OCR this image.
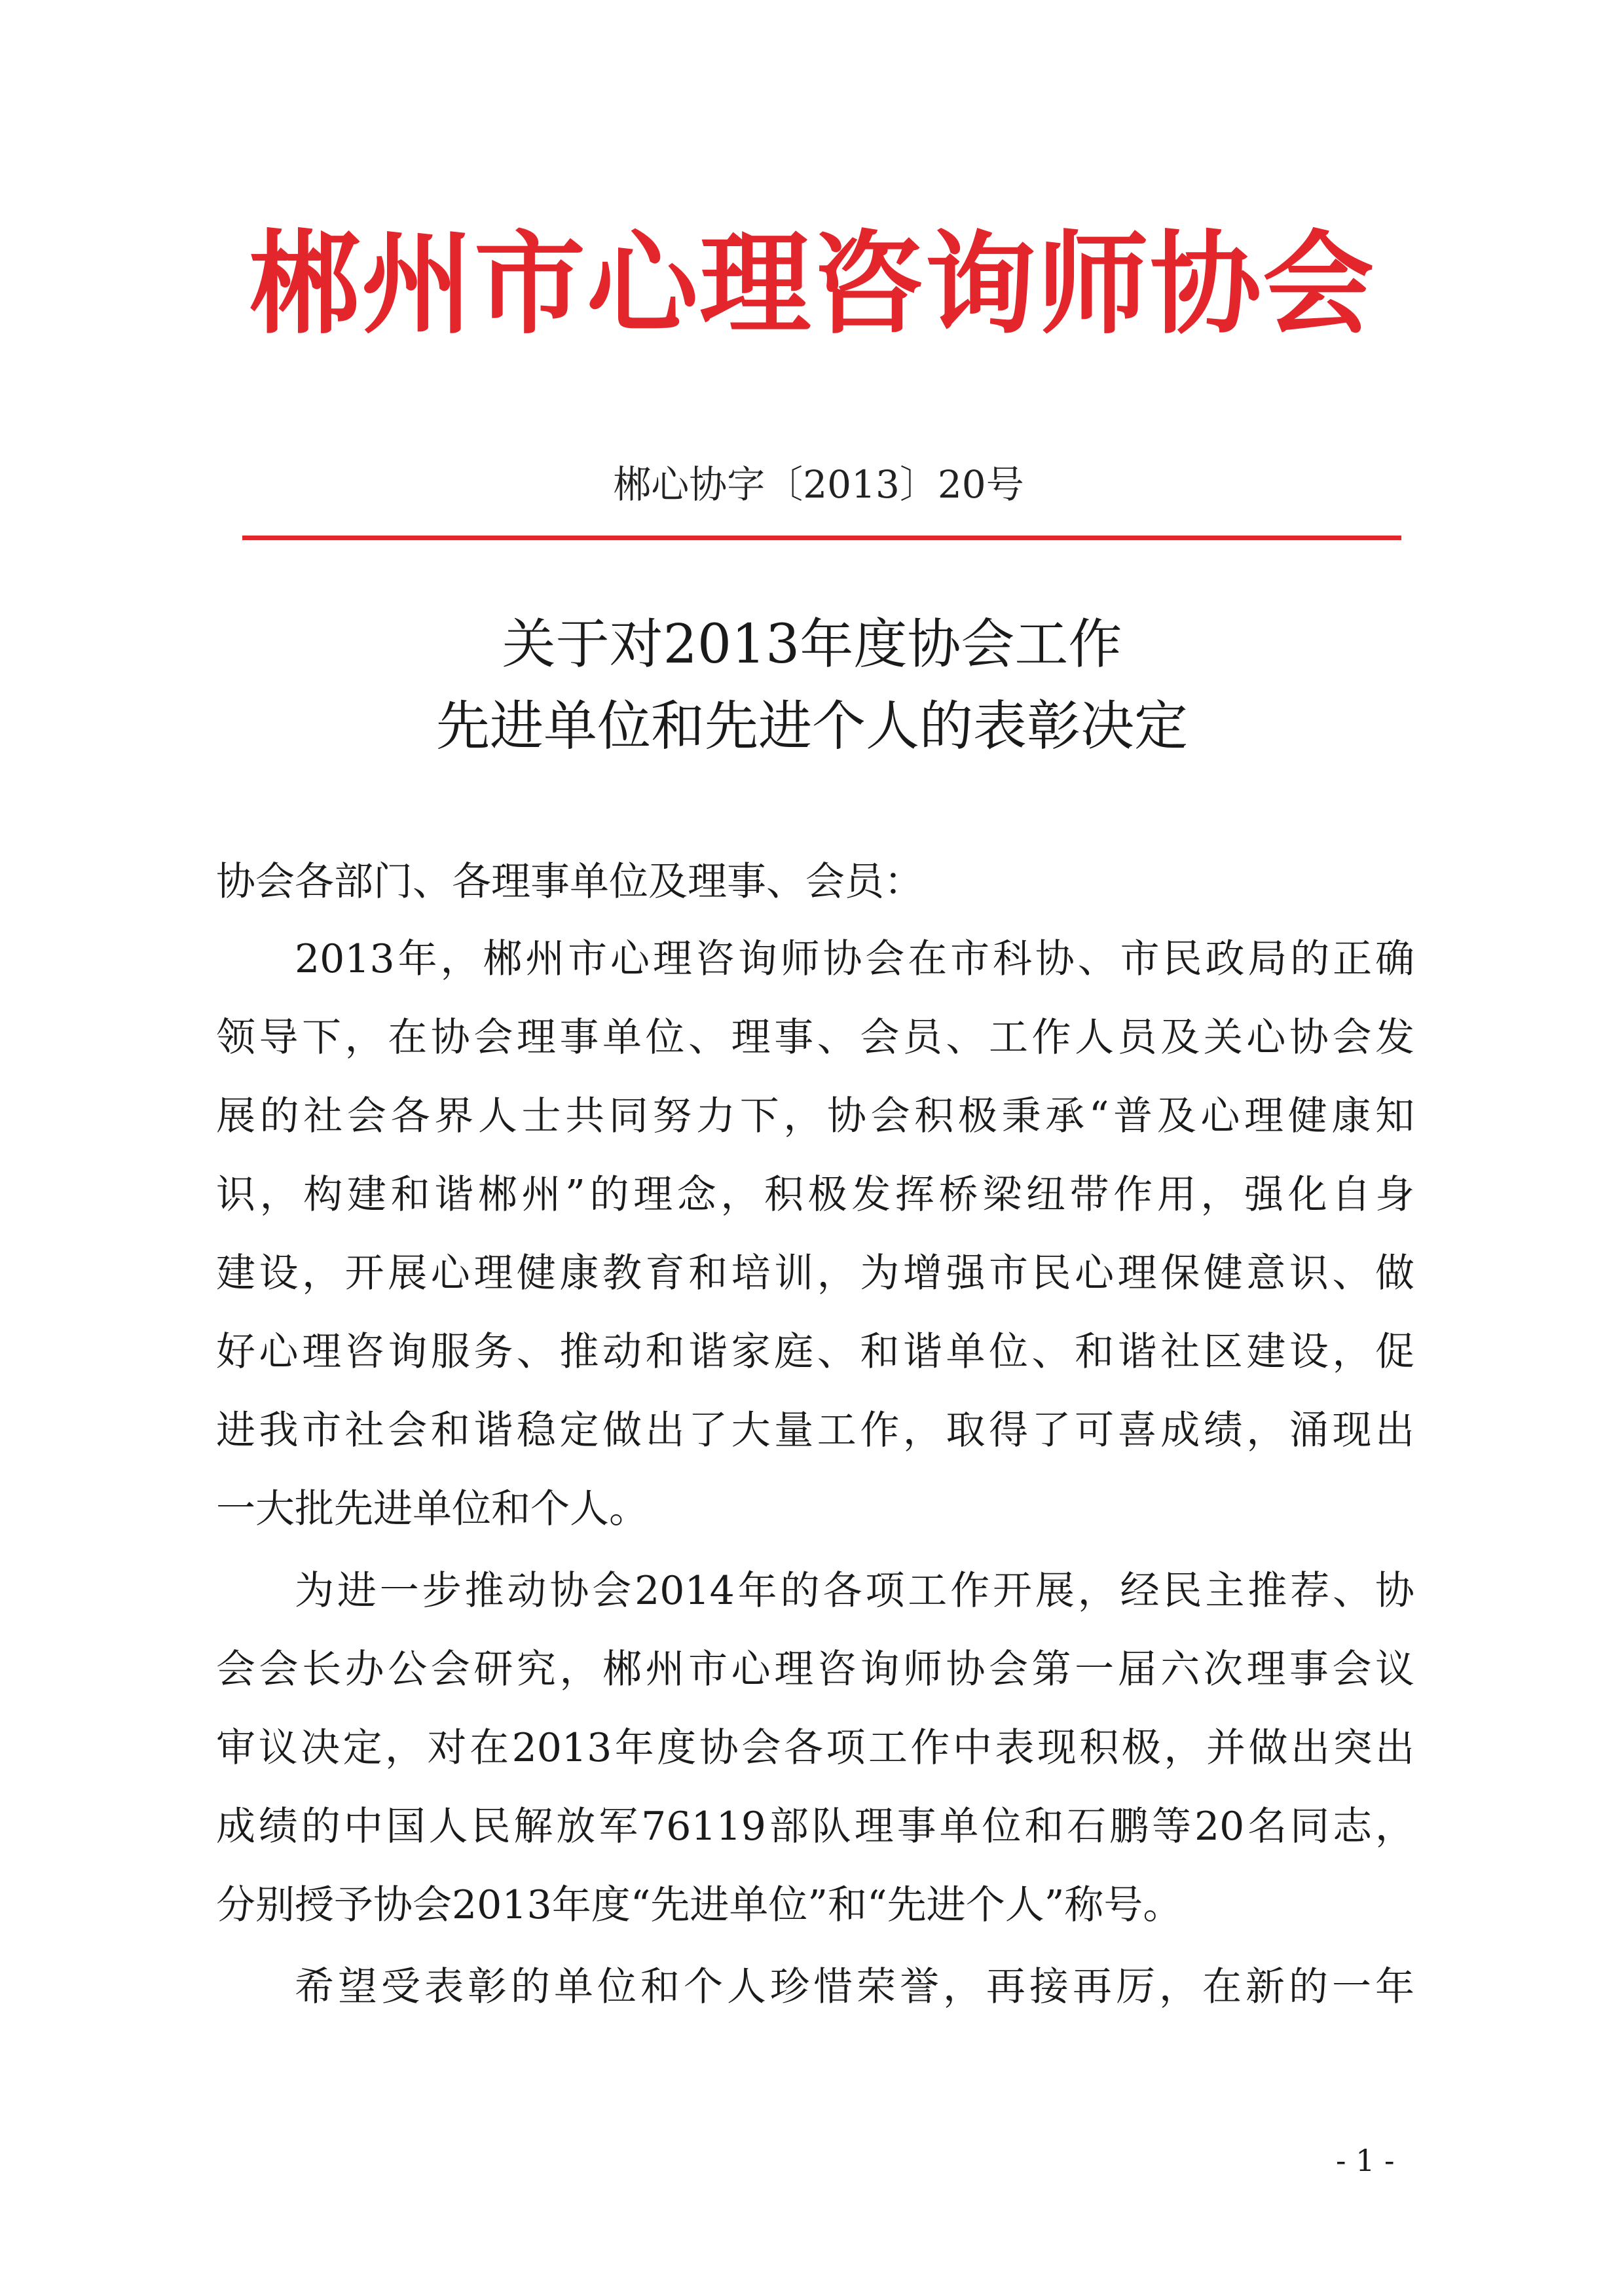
郴州市心理咨询师协会
郴心协字〔2013〕20号
关于对2013年度协会工作
先进单位和先进个人的表彰决定
协会各部门、各理事单位及理事、会员：
2013年，郴州市心理咨询师协会在市科协、市民政局的正确
领导下，在协会理事单位、理事、会员、工作人员及关心协会发
展的社会各界人士共同努力下，协会积极秉承“普及心理健康知
识，构建和谐郴州”的理念，积极发挥桥梁纽带作用，强化自身
建设，开展心理健康教育和培训，为增强市民心理保健意识、做
好心理咨询服务、推动和谐家庭、和谐单位、和谐社区建设，促
进我市社会和谐稳定做出了大量工作，取得了可喜成绩，涌现出
一大批先进单位和个人。
为进一步推动协会2014年的各项工作开展，经民主推荐、协
会会长办公会研究，郴州市心理咨询师协会第一届六次理事会议
审议决定，对在2013年度协会各项工作中表现积极，并做出突出
成绩的中国人民解放军76119部队理事单位和石鹏等20名同志，
分别授予协会2013年度“先进单位”和“先进个人”称号。
希望受表彰的单位和个人珍惜荣誉，再接再厉，在新的一年
- 1 -
